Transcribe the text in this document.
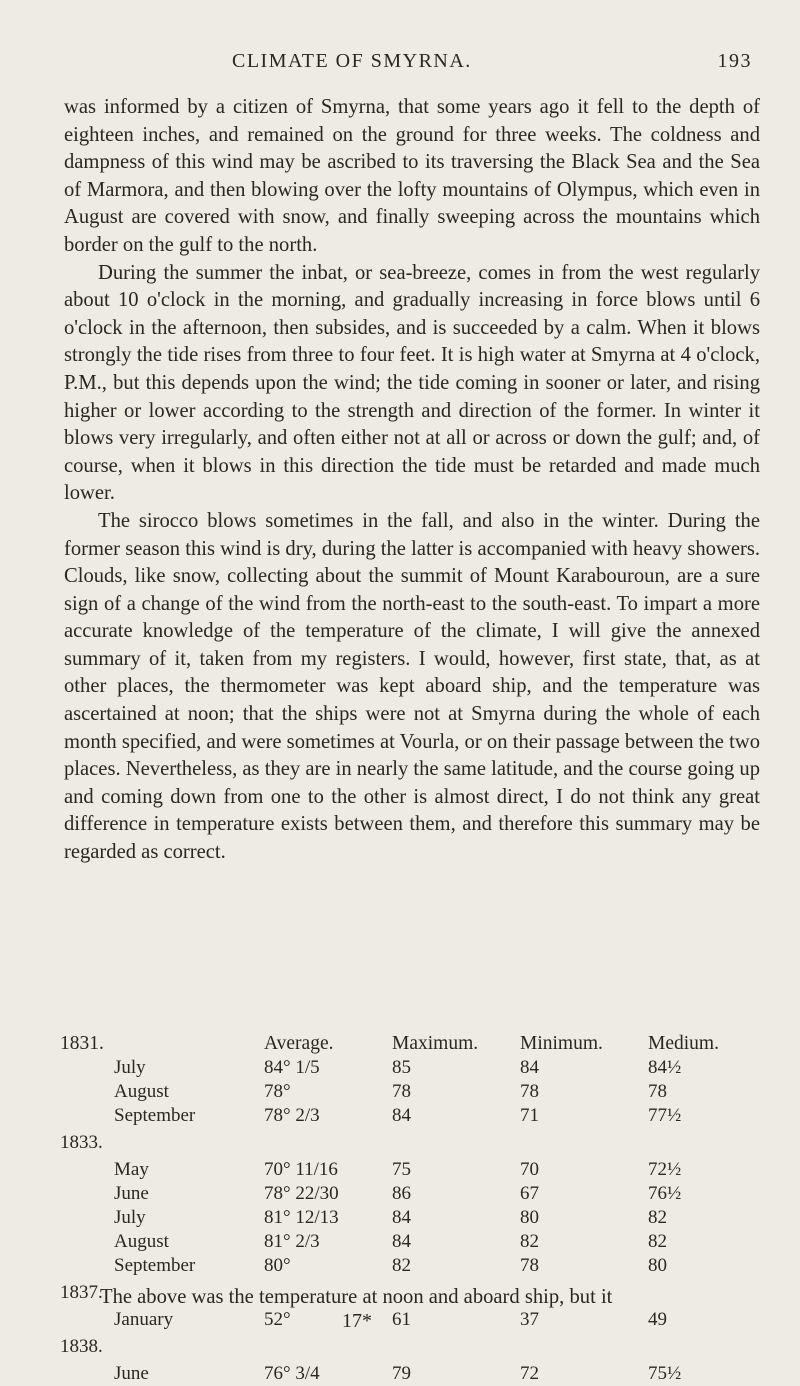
CLIMATE OF SMYRNA.	193

was informed by a citizen of Smyrna, that some years ago it fell to the depth of eighteen inches, and remained on the ground for three weeks. The coldness and dampness of this wind may be ascribed to its traversing the Black Sea and the Sea of Marmora, and then blowing over the lofty mountains of Olympus, which even in August are covered with snow, and finally sweeping across the mountains which border on the gulf to the north.

During the summer the inbat, or sea-breeze, comes in from the west regularly about 10 o'clock in the morning, and gradually increasing in force blows until 6 o'clock in the afternoon, then subsides, and is succeeded by a calm. When it blows strongly the tide rises from three to four feet. It is high water at Smyrna at 4 o'clock, P.M., but this depends upon the wind; the tide coming in sooner or later, and rising higher or lower according to the strength and direction of the former. In winter it blows very irregularly, and often either not at all or across or down the gulf; and, of course, when it blows in this direction the tide must be retarded and made much lower.

The sirocco blows sometimes in the fall, and also in the winter. During the former season this wind is dry, during the latter is accompanied with heavy showers. Clouds, like snow, collecting about the summit of Mount Karabouroun, are a sure sign of a change of the wind from the north-east to the south-east. To impart a more accurate knowledge of the temperature of the climate, I will give the annexed summary of it, taken from my registers. I would, however, first state, that, as at other places, the thermometer was kept aboard ship, and the temperature was ascertained at noon; that the ships were not at Smyrna during the whole of each month specified, and were sometimes at Vourla, or on their passage between the two places. Nevertheless, as they are in nearly the same latitude, and the course going up and coming down from one to the other is almost direct, I do not think any great difference in temperature exists between them, and therefore this summary may be regarded as correct.

1831.		Average.	Maximum.	Minimum.	Medium.
	July	84° 1/5	85	84	84½
	August	78°	78	78	78
	September	78° 2/3	84	71	77½
1833.					
	May	70° 11/16	75	70	72½
	June	78° 22/30	86	67	76½
	July	81° 12/13	84	80	82
	August	81° 2/3	84	82	82
	September	80°	82	78	80
1837.					
	January	52°	61	37	49
1838.					
	June	76° 3/4	79	72	75½
The above was the temperature at noon and aboard ship, but it
17*
